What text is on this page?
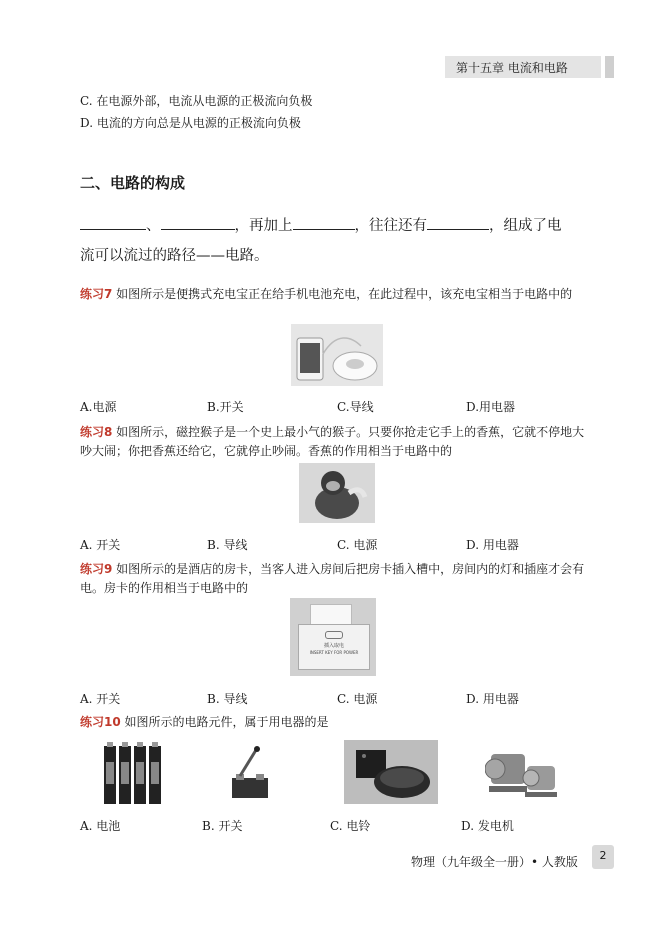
第十五章 电流和电路
C. 在电源外部，电流从电源的正极流向负极
D. 电流的方向总是从电源的正极流向负极
二、电路的构成
、	，再加上	，往往还有	，组成了电
流可以流过的路径——电路。
练习7 如图所示是便携式充电宝正在给手机电池充电，在此过程中，该充电宝相当于电路中的
A.电源	B.开关	C.导线	D.用电器
练习8 如图所示，磁控猴子是一个史上最小气的猴子。只要你抢走它手上的香蕉，它就不停地大吵大闹；你把香蕉还给它，它就停止吵闹。香蕉的作用相当于电路中的
A. 开关	B. 导线	C. 电源	D. 用电器
练习9 如图所示的是酒店的房卡，当客人进入房间后把房卡插入槽中，房间内的灯和插座才会有电。房卡的作用相当于电路中的
插入取电
INSERT KEY FOR POWER
A. 开关	B. 导线	C. 电源	D. 用电器
练习10 如图所示的电路元件，属于用电器的是
A. 电池	B. 开关	C. 电铃	D. 发电机
物理（九年级全一册）• 人教版	2
